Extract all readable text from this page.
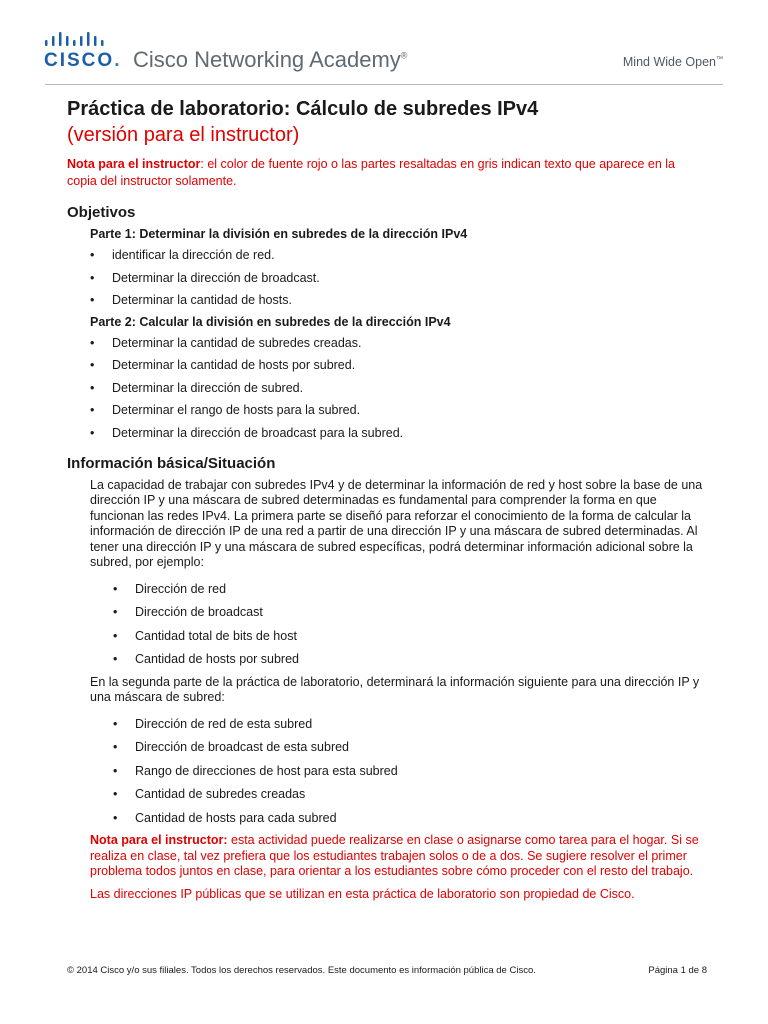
CISCO. Cisco Networking Academy®	Mind Wide Open™
Práctica de laboratorio: Cálculo de subredes IPv4
(versión para el instructor)
Nota para el instructor: el color de fuente rojo o las partes resaltadas en gris indican texto que aparece en la copia del instructor solamente.
Objetivos
Parte 1: Determinar la división en subredes de la dirección IPv4
• identificar la dirección de red.
• Determinar la dirección de broadcast.
• Determinar la cantidad de hosts.
Parte 2: Calcular la división en subredes de la dirección IPv4
• Determinar la cantidad de subredes creadas.
• Determinar la cantidad de hosts por subred.
• Determinar la dirección de subred.
• Determinar el rango de hosts para la subred.
• Determinar la dirección de broadcast para la subred.
Información básica/Situación

La capacidad de trabajar con subredes IPv4 y de determinar la información de red y host sobre la base de una dirección IP y una máscara de subred determinadas es fundamental para comprender la forma en que funcionan las redes IPv4. La primera parte se diseñó para reforzar el conocimiento de la forma de calcular la información de dirección IP de una red a partir de una dirección IP y una máscara de subred determinadas. Al tener una dirección IP y una máscara de subred específicas, podrá determinar información adicional sobre la subred, por ejemplo:

• Dirección de red
• Dirección de broadcast
• Cantidad total de bits de host
• Cantidad de hosts por subred

En la segunda parte de la práctica de laboratorio, determinará la información siguiente para una dirección IP y una máscara de subred:

• Dirección de red de esta subred
• Dirección de broadcast de esta subred
• Rango de direcciones de host para esta subred
• Cantidad de subredes creadas
• Cantidad de hosts para cada subred

Nota para el instructor: esta actividad puede realizarse en clase o asignarse como tarea para el hogar. Si se realiza en clase, tal vez prefiera que los estudiantes trabajen solos o de a dos. Se sugiere resolver el primer problema todos juntos en clase, para orientar a los estudiantes sobre cómo proceder con el resto del trabajo.

Las direcciones IP públicas que se utilizan en esta práctica de laboratorio son propiedad de Cisco.

© 2014 Cisco y/o sus filiales. Todos los derechos reservados. Este documento es información pública de Cisco.	Página 1 de 8
